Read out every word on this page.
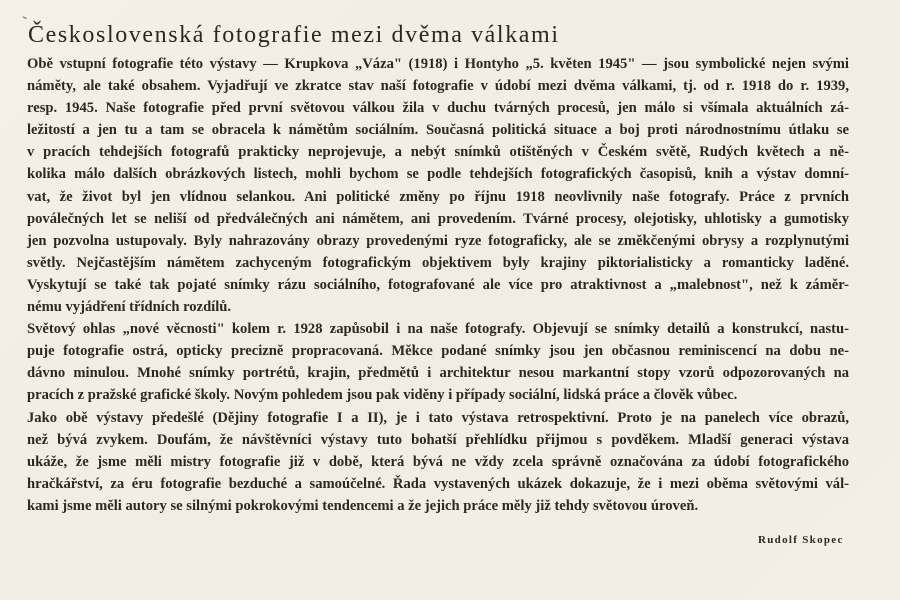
Československá fotografie mezi dvěma válkami
Obě vstupní fotografie této výstavy — Krupkova „Váza" (1918) i Hontyho „5. květen 1945" — jsou symbolické nejen svými
náměty, ale také obsahem. Vyjadřují ve zkratce stav naší fotografie v údobí mezi dvěma válkami, tj. od r. 1918 do r. 1939,
resp. 1945. Naše fotografie před první světovou válkou žila v duchu tvárných procesů, jen málo si všímala aktuálních zá-
ležitostí a jen tu a tam se obracela k námětům sociálním. Současná politická situace a boj proti národnostnímu útlaku se
v pracích tehdejších fotografů prakticky neprojevuje, a nebýt snímků otištěných v Českém světě, Rudých květech a ně-
kolika málo dalších obrázkových listech, mohli bychom se podle tehdejších fotografických časopisů, knih a výstav domní-
vat, že život byl jen vlídnou selankou. Ani politické změny po říjnu 1918 neovlivnily naše fotografy. Práce z prvních
poválečných let se neliší od předválečných ani námětem, ani provedením. Tvárné procesy, olejotisky, uhlotisky a gumotisky
jen pozvolna ustupovaly. Byly nahrazovány obrazy provedenými ryze fotograficky, ale se změkčenými obrysy a rozplynutými
světly. Nejčastějším námětem zachyceným fotografickým objektivem byly krajiny piktorialisticky a romanticky laděné.
Vyskytují se také tak pojaté snímky rázu sociálního, fotografované ale více pro atraktivnost a „malebnost", než k záměr-
nému vyjádření třídních rozdílů.
Světový ohlas „nové věcnosti" kolem r. 1928 zapůsobil i na naše fotografy. Objevují se snímky detailů a konstrukcí, nastu-
puje fotografie ostrá, opticky precizně propracovaná. Měkce podané snímky jsou jen občasnou reminiscencí na dobu ne-
dávno minulou. Mnohé snímky portrétů, krajin, předmětů i architektur nesou markantní stopy vzorů odpozorovaných na
pracích z pražské grafické školy. Novým pohledem jsou pak viděny i případy sociální, lidská práce a člověk vůbec.
Jako obě výstavy předešlé (Dějiny fotografie I a II), je i tato výstava retrospektivní. Proto je na panelech více obrazů,
než bývá zvykem. Doufám, že návštěvníci výstavy tuto bohatší přehlídku přijmou s povděkem. Mladší generaci výstava
ukáže, že jsme měli mistry fotografie již v době, která bývá ne vždy zcela správně označována za údobí fotografického
hračkářství, za éru fotografie bezduché a samoúčelné. Řada vystavených ukázek dokazuje, že i mezi oběma světovými vál-
kami jsme měli autory se silnými pokrokovými tendencemi a že jejich práce měly již tehdy světovou úroveň.
Rudolf Skopec
